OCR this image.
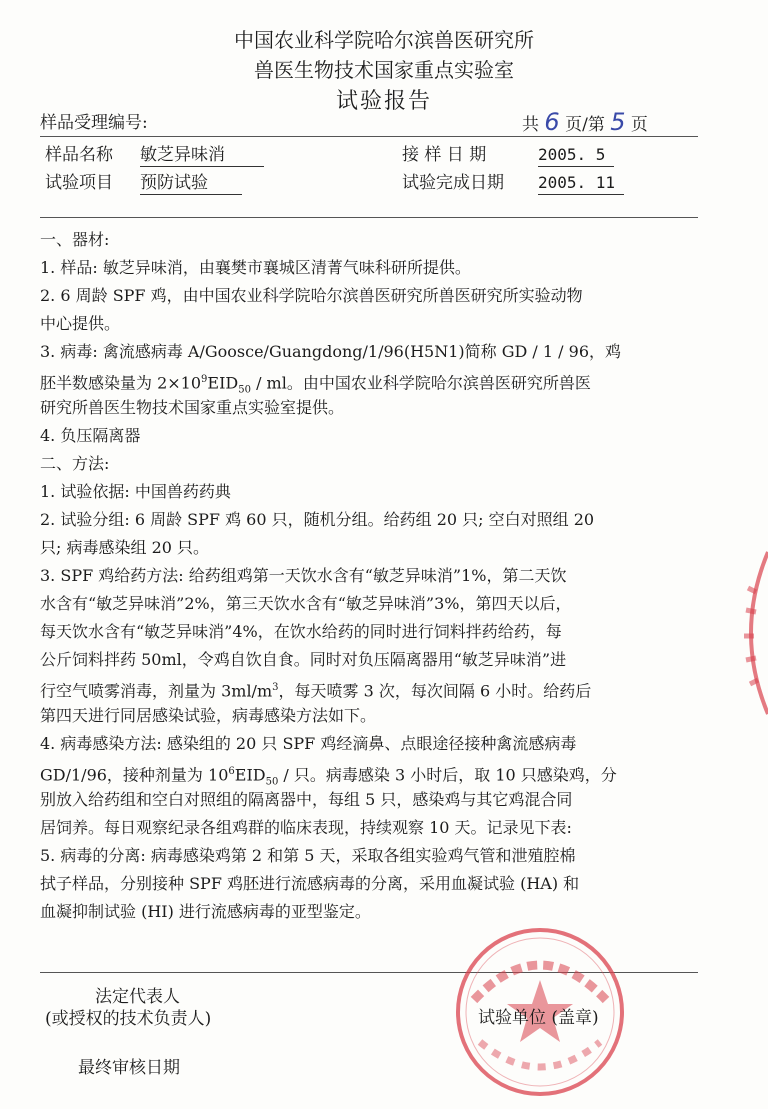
中国农业科学院哈尔滨兽医研究所
兽医生物技术国家重点实验室
试验报告
样品受理编号:	共 6 页/第 5 页
样品名称 敏芝异味消	接 样 日 期	2005. 5
试验项目 预防试验	试验完成日期 2005. 11
一、器材:
1. 样品: 敏芝异味消，由襄樊市襄城区清菁气味科研所提供。
2. 6 周龄 SPF 鸡，由中国农业科学院哈尔滨兽医研究所兽医研究所实验动物
中心提供。
3. 病毒: 禽流感病毒 A/Goosce/Guangdong/1/96(H5N1)简称 GD / 1 / 96，鸡
胚半数感染量为 $2\times 10^9EID_{50}$ / ml。由中国农业科学院哈尔滨兽医研究所兽医
研究所兽医生物技术国家重点实验室提供。
4. 负压隔离器
二、方法:
1. 试验依据: 中国兽药药典
2. 试验分组: 6 周龄 SPF 鸡 60 只，随机分组。给药组 20 只; 空白对照组 20
只; 病毒感染组 20 只。
3. SPF 鸡给药方法: 给药组鸡第一天饮水含有“敏芝异味消”1%，第二天饮
水含有“敏芝异味消”2%，第三天饮水含有“敏芝异味消”3%，第四天以后，
每天饮水含有“敏芝异味消”4%，在饮水给药的同时进行饲料拌药给药，每
公斤饲料拌药 50ml，令鸡自饮自食。同时对负压隔离器用“敏芝异味消”进
行空气喷雾消毒，剂量为 $3ml/m^3$，每天喷雾 3 次，每次间隔 6 小时。给药后
第四天进行同居感染试验，病毒感染方法如下。
4. 病毒感染方法: 感染组的 20 只 SPF 鸡经滴鼻、点眼途径接种禽流感病毒
GD/1/96，接种剂量为 $10^6EID_{50}$ / 只。病毒感染 3 小时后，取 10 只感染鸡，分
别放入给药组和空白对照组的隔离器中，每组 5 只，感染鸡与其它鸡混合同
居饲养。每日观察纪录各组鸡群的临床表现，持续观察 10 天。记录见下表:
5. 病毒的分离: 病毒感染鸡第 2 和第 5 天，采取各组实验鸡气管和泄殖腔棉
拭子样品，分别接种 SPF 鸡胚进行流感病毒的分离，采用血凝试验 (HA) 和
血凝抑制试验 (HI) 进行流感病毒的亚型鉴定。
法定代表人
(或授权的技术负责人)	试验单位 (盖章)
最终审核日期
